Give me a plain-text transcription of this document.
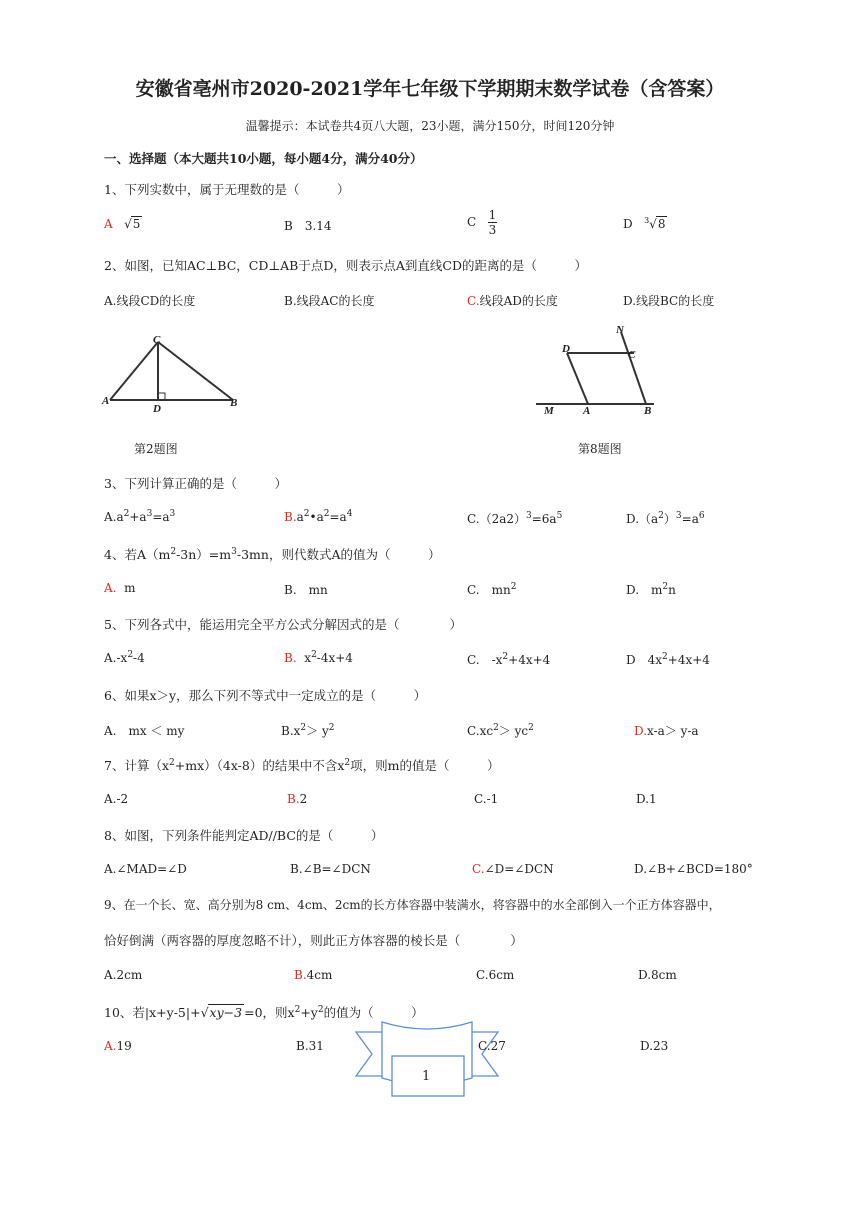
安徽省亳州市2020-2021学年七年级下学期期末数学试卷（含答案）
温馨提示：本试卷共4页八大题，23小题，满分150分，时间120分钟
一、选择题（本大题共10小题，每小题4分，满分40分）
1、下列实数中，属于无理数的是（　　　）
A   √5	B　3.14	C $\frac{1}{3}$	D $^3$√8
2、如图，已知AC⊥BC，CD⊥AB于点D，则表示点A到直线CD的距离的是（　　　）
A.线段CD的长度	B.线段AC的长度	C.线段AD的长度	D.线段BC的长度
A	B
C
D
第2题图
M	A	B
C
D
N
第8题图
3、下列计算正确的是（　　　）
$A.a^2+a^3=a^3$	$B.a^2•a^2=a^4$	$C.(2a2)^3=6a^5$	$D.(a^2)^3=a^6$
4、若$A(m^2-3n)=m^3-3mn$，则代数式A的值为（　　　）
A. m	B.　mn	C.　$mn^2$	D.　$m^2n$
5、下列各式中，能运用完全平方公式分解因式的是（　　　　）
$A.-x^2-4$	B. $x^2-4x+4$	C.　$-x^2+4x+4$	D　$4x^2+4x+4$
6、如果x＞y，那么下列不等式中一定成立的是（　　　）
A.　mx ＜ my	$B.x^2> y^2$	$C.xc^2> yc^2$	D.x-a＞ y-a
7、计算$(x^2+mx)(4x-8)$的结果中不含$x^2$项，则m的值是（　　　）
A.-2	B.2	C.-1	D.1
8、如图，下列条件能判定AD//BC的是（　　　）
A.∠MAD=∠D	B.∠B=∠DCN	C.∠D=∠DCN	D.∠B+∠BCD=180°
9、在一个长、宽、高分别为8 cm、4cm、2cm的长方体容器中装满水，将容器中的水全部倒入一个正方体容器中，
恰好倒满（两容器的厚度忽略不计），则此正方体容器的棱长是（　　　　）
A.2cm	B.4cm	C.6cm	D.8cm
10、若|x+y-5|+√xy−3 =0，则$x^2+y^2$的值为（　　　）
A.19	B.31	C.27	D.23
1
